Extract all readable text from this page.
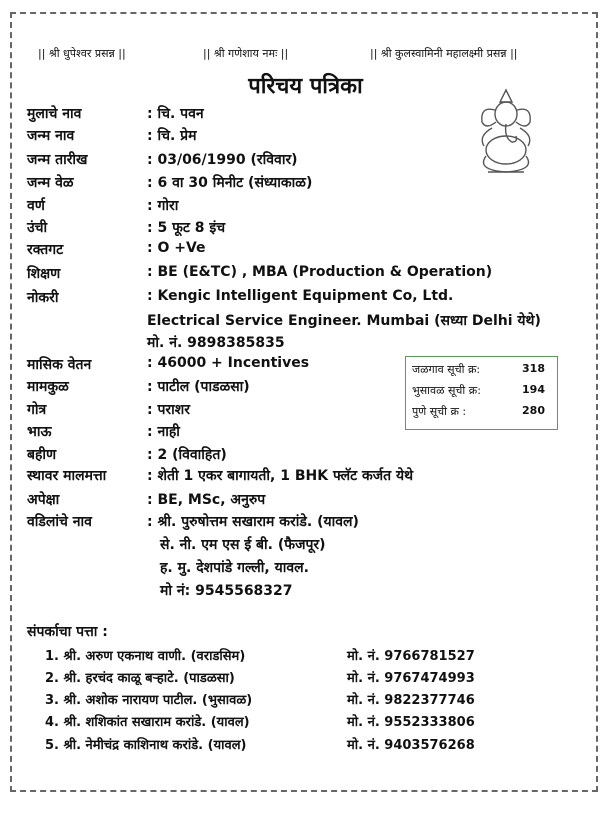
|| श्री धुपेश्वर प्रसन्न ||	|| श्री गणेशाय नमः ||	|| श्री कुलस्वामिनी महालक्ष्मी प्रसन्न ||
परिचय पत्रिका
मुलाचे नाव	: चि. पवन
जन्म नाव	: चि. प्रेम
जन्म तारीख	: 03/06/1990 (रविवार)
जन्म वेळ	: 6 वा 30 मिनीट (संध्याकाळ)
वर्ण	: गोरा
उंची	: 5 फूट 8 इंच
रक्तगट	: O +Ve
शिक्षण	: BE (E&TC) , MBA (Production & Operation)
नोकरी	: Kengic Intelligent Equipment Co, Ltd.
मासिक वेतन	: 46000 + Incentives
मामकुळ	: पाटील (पाडळसा)
गोत्र	: पराशर
भाऊ	: नाही
बहीण	: 2 (विवाहित)
स्थावर मालमत्ता	: शेती 1 एकर बागायती, 1 BHK फ्लॅट कर्जत येथे
अपेक्षा	: BE, MSc, अनुरुप
वडिलांचे नाव	: श्री. पुरुषोत्तम सखाराम करांडे. (यावल)
Electrical Service Engineer. Mumbai (सध्या Delhi येथे)
मो. नं. 9898385835
से. नी. एम एस ई बी. (फैजपूर)
ह. मु. देशपांडे गल्ली, यावल.
मो नं: 9545568327
जळगाव सूची क्र:	318
भुसावळ सूची क्र:	194
पुणे सूची क्र :	280
संपर्काचा पत्ता :
1. श्री. अरुण एकनाथ वाणी. (वराडसिम)	मो. नं. 9766781527
2. श्री. हरचंद काळू बऱ्हाटे. (पाडळसा)	मो. नं. 9767474993
3. श्री. अशोक नारायण पाटील. (भुसावळ)	मो. नं. 9822377746
4. श्री. शशिकांत सखाराम करांडे. (यावल)	मो. नं. 9552333806
5. श्री. नेमीचंद्र काशिनाथ करांडे. (यावल)	मो. नं. 9403576268
